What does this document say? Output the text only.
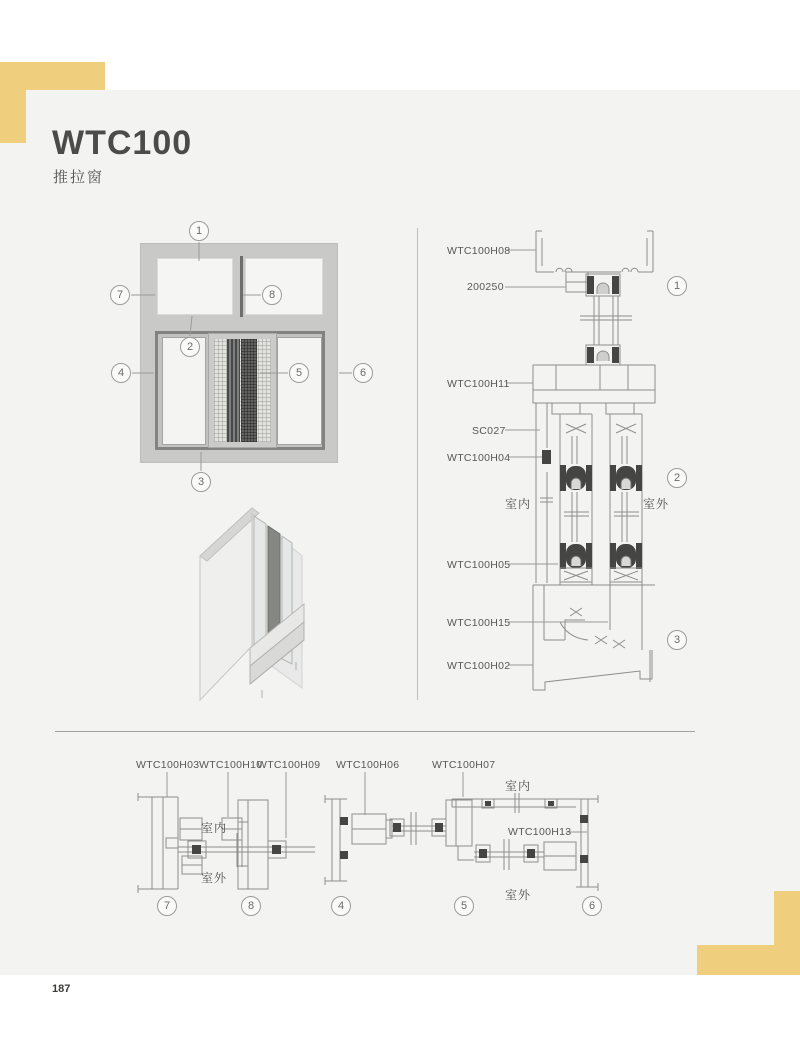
WTC100
推拉窗
WTC100H08
200250
WTC100H11
SC027
WTC100H04
室内	室外
WTC100H05
WTC100H15
WTC100H02
WTC100H03 WTC100H10
WTC100H09
室内
室外
WTC100H06	WTC100H07
室内
WTC100H13
室外
1
7	8
2
4	5	6
3
1
2
3
7	8	4	5	6
187
